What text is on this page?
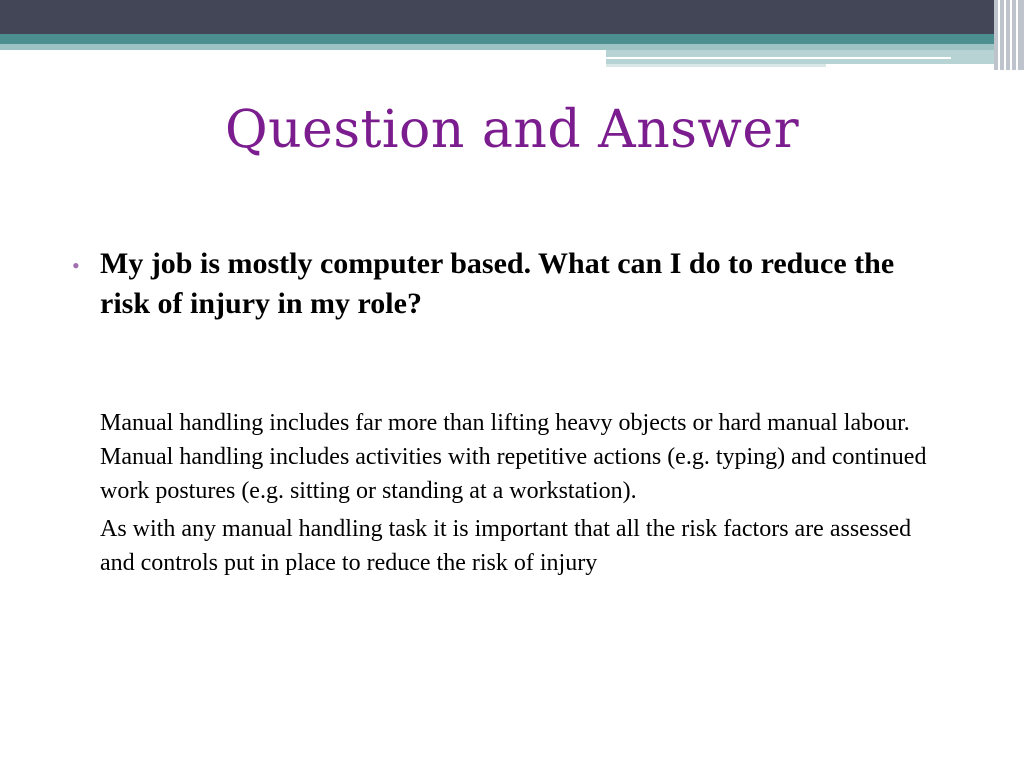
Question and Answer
• My job is mostly computer based. What can I do to reduce the risk of injury in my role?
Manual handling includes far more than lifting heavy objects or hard manual labour. Manual handling includes activities with repetitive actions (e.g. typing) and continued work postures (e.g. sitting or standing at a workstation).
As with any manual handling task it is important that all the risk factors are assessed and controls put in place to reduce the risk of injury
